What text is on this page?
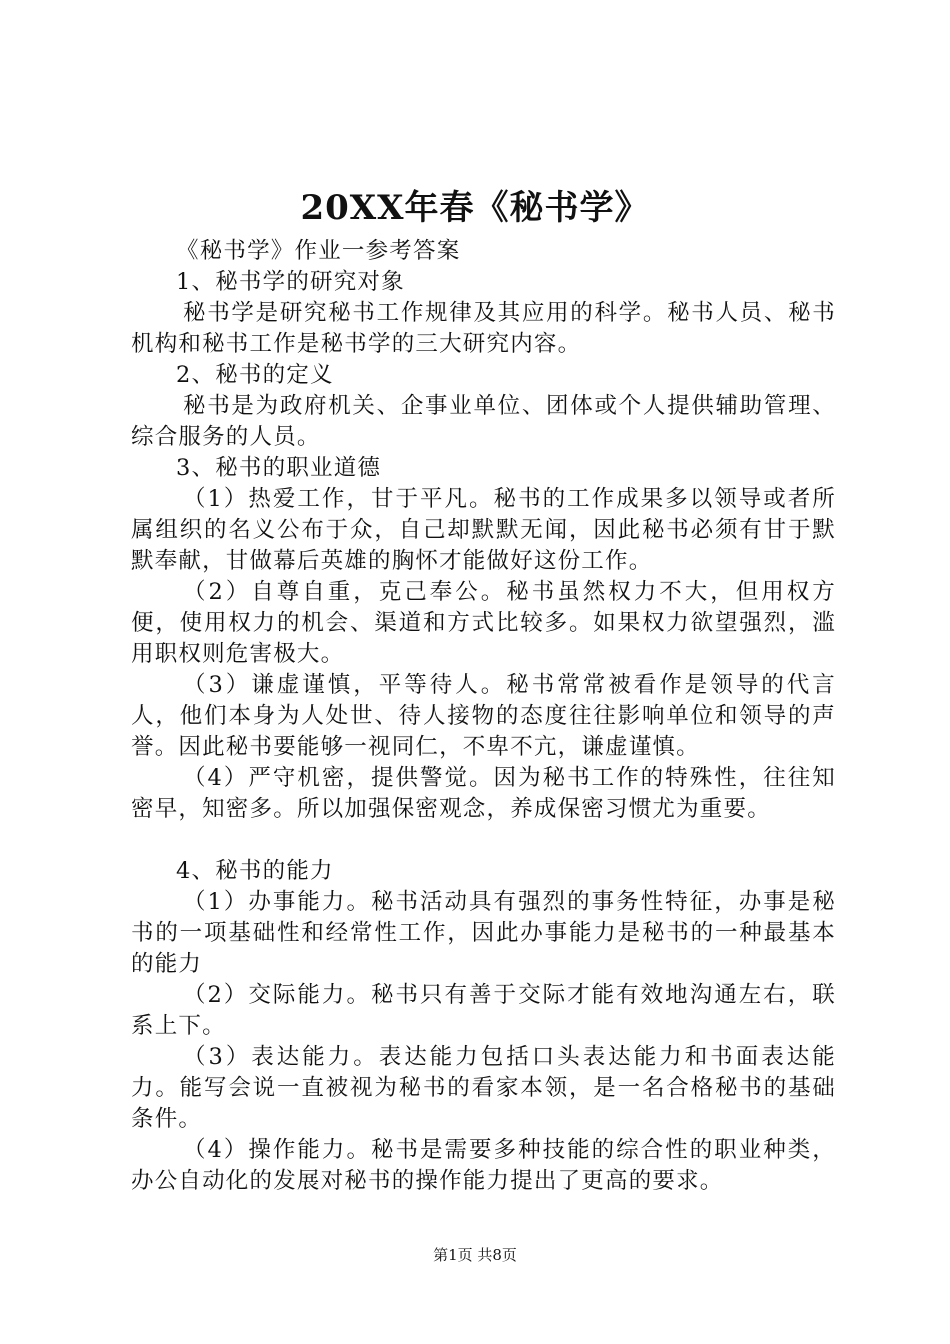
20XX年春《秘书学》

《秘书学》作业一参考答案

1、秘书学的研究对象

秘书学是研究秘书工作规律及其应用的科学。秘书人员、秘书机构和秘书工作是秘书学的三大研究内容。

2、秘书的定义

秘书是为政府机关、企事业单位、团体或个人提供辅助管理、综合服务的人员。

3、秘书的职业道德

（1）热爱工作，甘于平凡。秘书的工作成果多以领导或者所属组织的名义公布于众，自己却默默无闻，因此秘书必须有甘于默默奉献，甘做幕后英雄的胸怀才能做好这份工作。

（2）自尊自重，克己奉公。秘书虽然权力不大，但用权方便，使用权力的机会、渠道和方式比较多。如果权力欲望强烈，滥用职权则危害极大。

（3）谦虚谨慎，平等待人。秘书常常被看作是领导的代言人，他们本身为人处世、待人接物的态度往往影响单位和领导的声誉。因此秘书要能够一视同仁，不卑不亢，谦虚谨慎。

（4）严守机密，提供警觉。因为秘书工作的特殊性，往往知密早，知密多。所以加强保密观念，养成保密习惯尤为重要。

4、秘书的能力

（1）办事能力。秘书活动具有强烈的事务性特征，办事是秘书的一项基础性和经常性工作，因此办事能力是秘书的一种最基本的能力

（2）交际能力。秘书只有善于交际才能有效地沟通左右，联系上下。

（3）表达能力。表达能力包括口头表达能力和书面表达能力。能写会说一直被视为秘书的看家本领，是一名合格秘书的基础条件。

（4）操作能力。秘书是需要多种技能的综合性的职业种类，办公自动化的发展对秘书的操作能力提出了更高的要求。

第1页 共8页
